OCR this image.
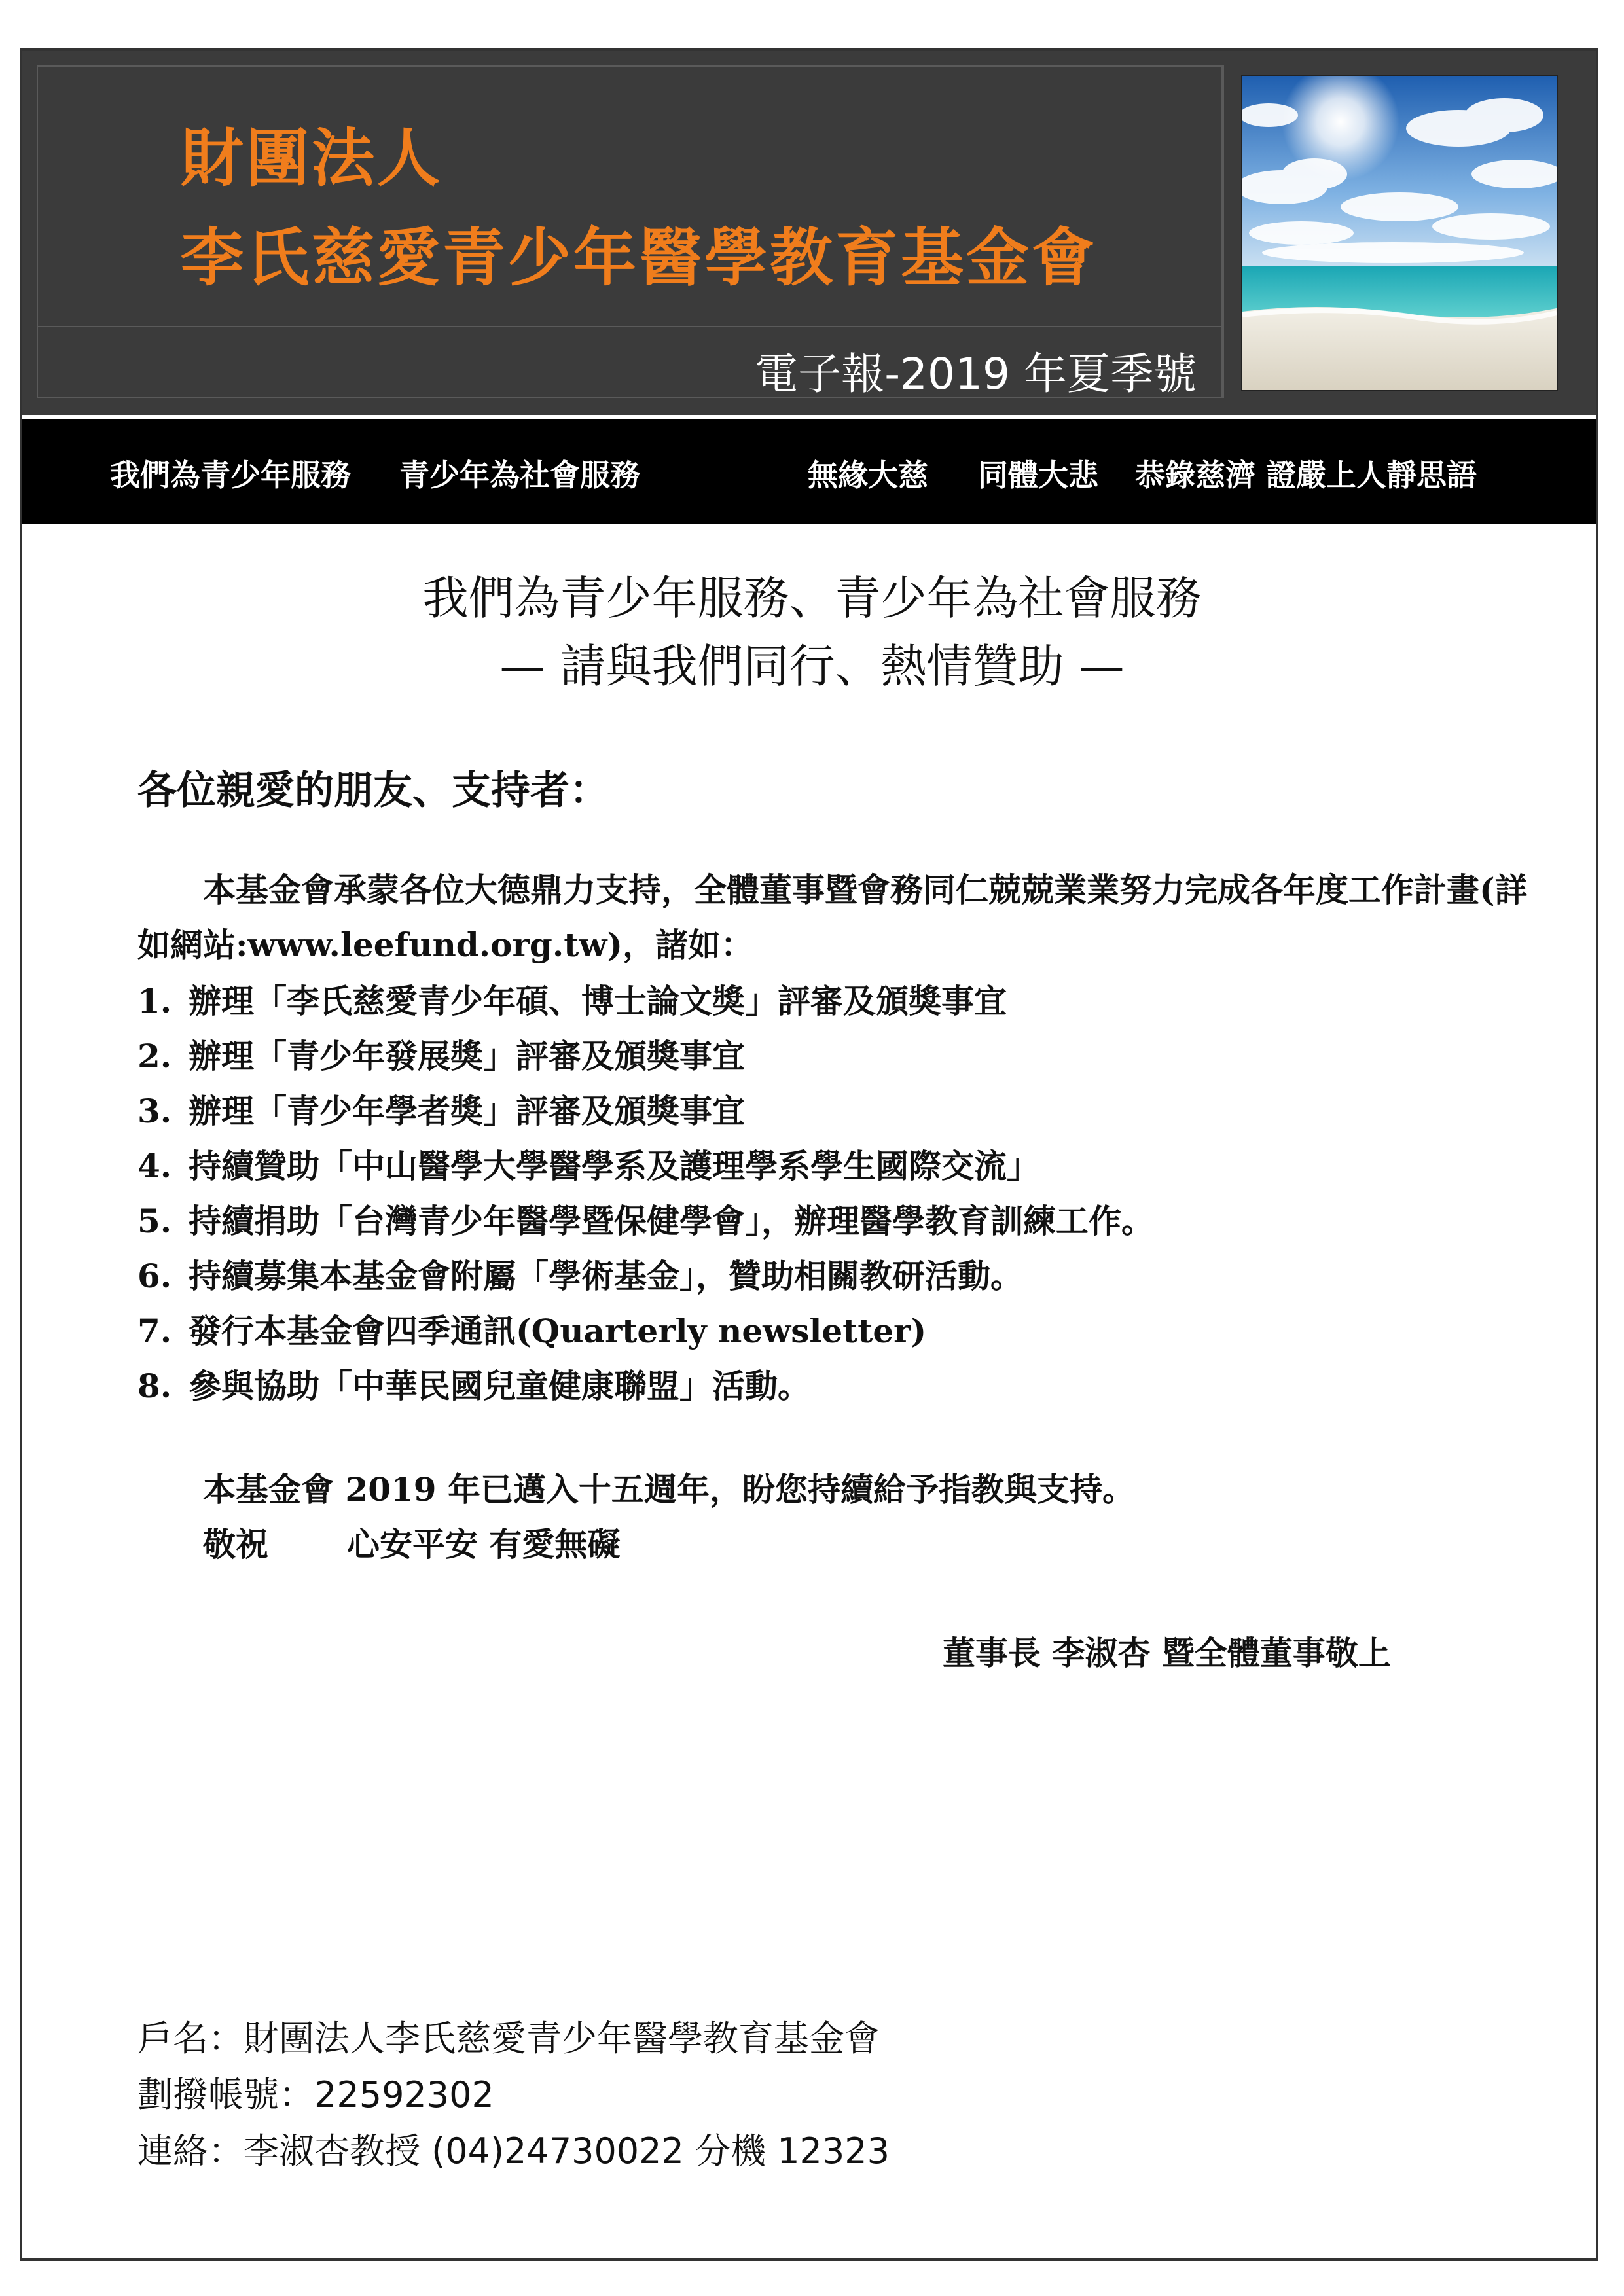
財團法人
李氏慈愛青少年醫學教育基金會
電子報-2019 年夏季號
我們為青少年服務 青少年為社會服務	無緣大慈 同體大悲 恭錄慈濟 證嚴上人靜思語
我們為青少年服務、青少年為社會服務
— 請與我們同行、熱情贊助 —
各位親愛的朋友、支持者：
本基金會承蒙各位大德鼎力支持，全體董事暨會務同仁兢兢業業努力完成各年度工作計畫(詳如網站:www.leefund.org.tw)，諸如：
1. 辦理「李氏慈愛青少年碩、博士論文獎」評審及頒獎事宜
2. 辦理「青少年發展獎」評審及頒獎事宜
3. 辦理「青少年學者獎」評審及頒獎事宜
4. 持續贊助「中山醫學大學醫學系及護理學系學生國際交流」
5. 持續捐助「台灣青少年醫學暨保健學會」，辦理醫學教育訓練工作。
6. 持續募集本基金會附屬「學術基金」，贊助相關教研活動。
7. 發行本基金會四季通訊(Quarterly newsletter)
8. 參與協助「中華民國兒童健康聯盟」活動。
本基金會 2019 年已邁入十五週年，盼您持續給予指教與支持。
敬祝 心安平安 有愛無礙
董事長 李淑杏 暨全體董事敬上
戶名：財團法人李氏慈愛青少年醫學教育基金會
劃撥帳號：22592302
連絡：李淑杏教授 (04)24730022 分機 12323
